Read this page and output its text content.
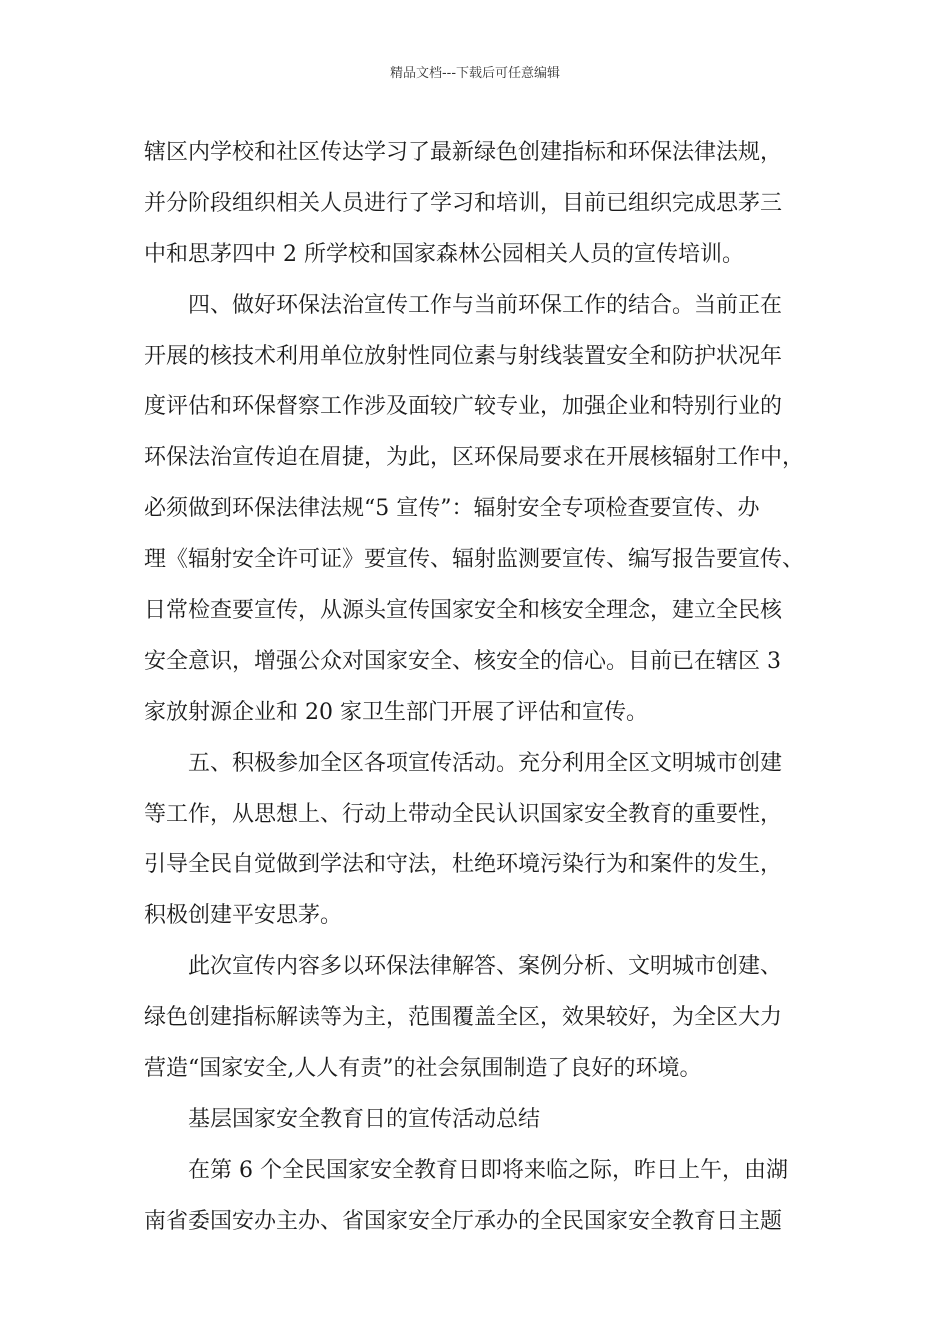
精品文档---下载后可任意编辑
辖区内学校和社区传达学习了最新绿色创建指标和环保法律法规，
并分阶段组织相关人员进行了学习和培训，目前已组织完成思茅三
中和思茅四中 2 所学校和国家森林公园相关人员的宣传培训。
　　四、做好环保法治宣传工作与当前环保工作的结合。当前正在
开展的核技术利用单位放射性同位素与射线装置安全和防护状况年
度评估和环保督察工作涉及面较广较专业，加强企业和特别行业的
环保法治宣传迫在眉捷，为此，区环保局要求在开展核辐射工作中，
必须做到环保法律法规“5 宣传”：辐射安全专项检查要宣传、办
理《辐射安全许可证》要宣传、辐射监测要宣传、编写报告要宣传、
日常检查要宣传，从源头宣传国家安全和核安全理念，建立全民核
安全意识，增强公众对国家安全、核安全的信心。目前已在辖区 3
家放射源企业和 20 家卫生部门开展了评估和宣传。
　　五、积极参加全区各项宣传活动。充分利用全区文明城市创建
等工作，从思想上、行动上带动全民认识国家安全教育的重要性，
引导全民自觉做到学法和守法，杜绝环境污染行为和案件的发生，
积极创建平安思茅。
　　此次宣传内容多以环保法律解答、案例分析、文明城市创建、
绿色创建指标解读等为主，范围覆盖全区，效果较好，为全区大力
营造“国家安全,人人有责”的社会氛围制造了良好的环境。
　　基层国家安全教育日的宣传活动总结
　　在第 6 个全民国家安全教育日即将来临之际，昨日上午，由湖
南省委国安办主办、省国家安全厅承办的全民国家安全教育日主题
